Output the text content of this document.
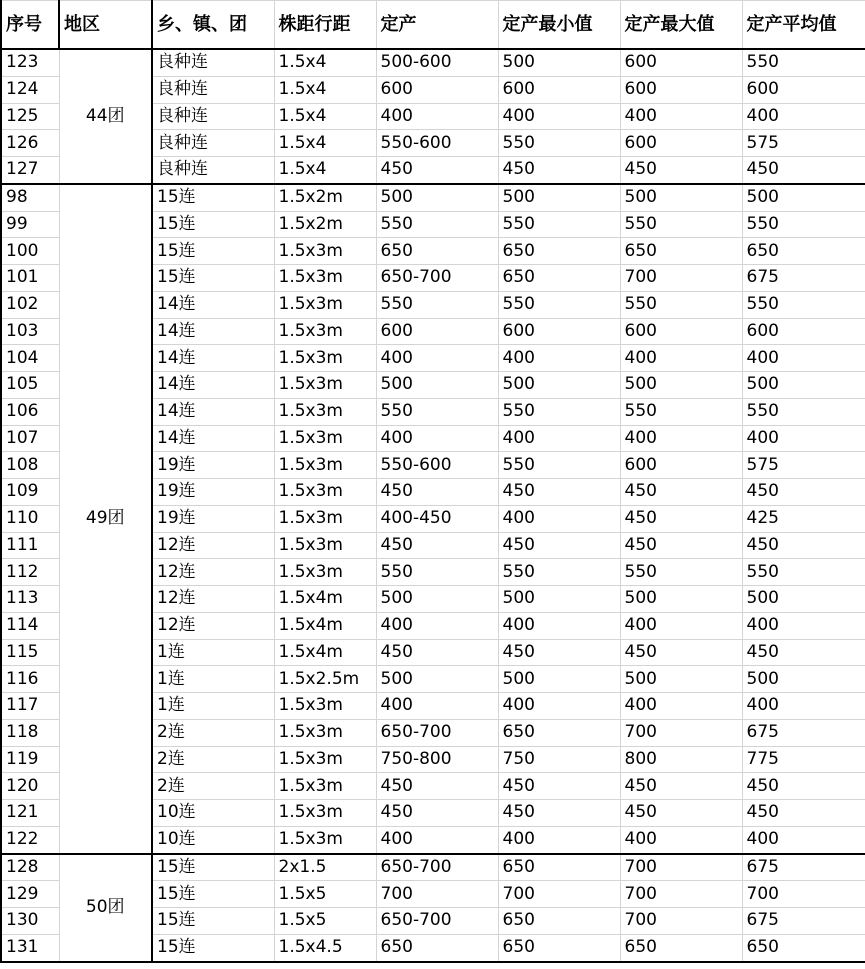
序号	地区	乡、镇、团	株距行距	定产	定产最小值	定产最大值	定产平均值
123	44团	良种连	1.5x4	500-600	500	600	550
124		良种连	1.5x4	600	600	600	600
125		良种连	1.5x4	400	400	400	400
126		良种连	1.5x4	550-600	550	600	575
127		良种连	1.5x4	450	450	450	450
98	49团	15连	1.5x2m	500	500	500	500
99		15连	1.5x2m	550	550	550	550
100		15连	1.5x3m	650	650	650	650
101		15连	1.5x3m	650-700	650	700	675
102		14连	1.5x3m	550	550	550	550
103		14连	1.5x3m	600	600	600	600
104		14连	1.5x3m	400	400	400	400
105		14连	1.5x3m	500	500	500	500
106		14连	1.5x3m	550	550	550	550
107		14连	1.5x3m	400	400	400	400
108		19连	1.5x3m	550-600	550	600	575
109		19连	1.5x3m	450	450	450	450
110		19连	1.5x3m	400-450	400	450	425
111		12连	1.5x3m	450	450	450	450
112		12连	1.5x3m	550	550	550	550
113		12连	1.5x4m	500	500	500	500
114		12连	1.5x4m	400	400	400	400
115		1连	1.5x4m	450	450	450	450
116		1连	1.5x2.5m	500	500	500	500
117		1连	1.5x3m	400	400	400	400
118		2连	1.5x3m	650-700	650	700	675
119		2连	1.5x3m	750-800	750	800	775
120		2连	1.5x3m	450	450	450	450
121		10连	1.5x3m	450	450	450	450
122		10连	1.5x3m	400	400	400	400
128	50团	15连	2x1.5	650-700	650	700	675
129		15连	1.5x5	700	700	700	700
130		15连	1.5x5	650-700	650	700	675
131		15连	1.5x4.5	650	650	650	650
